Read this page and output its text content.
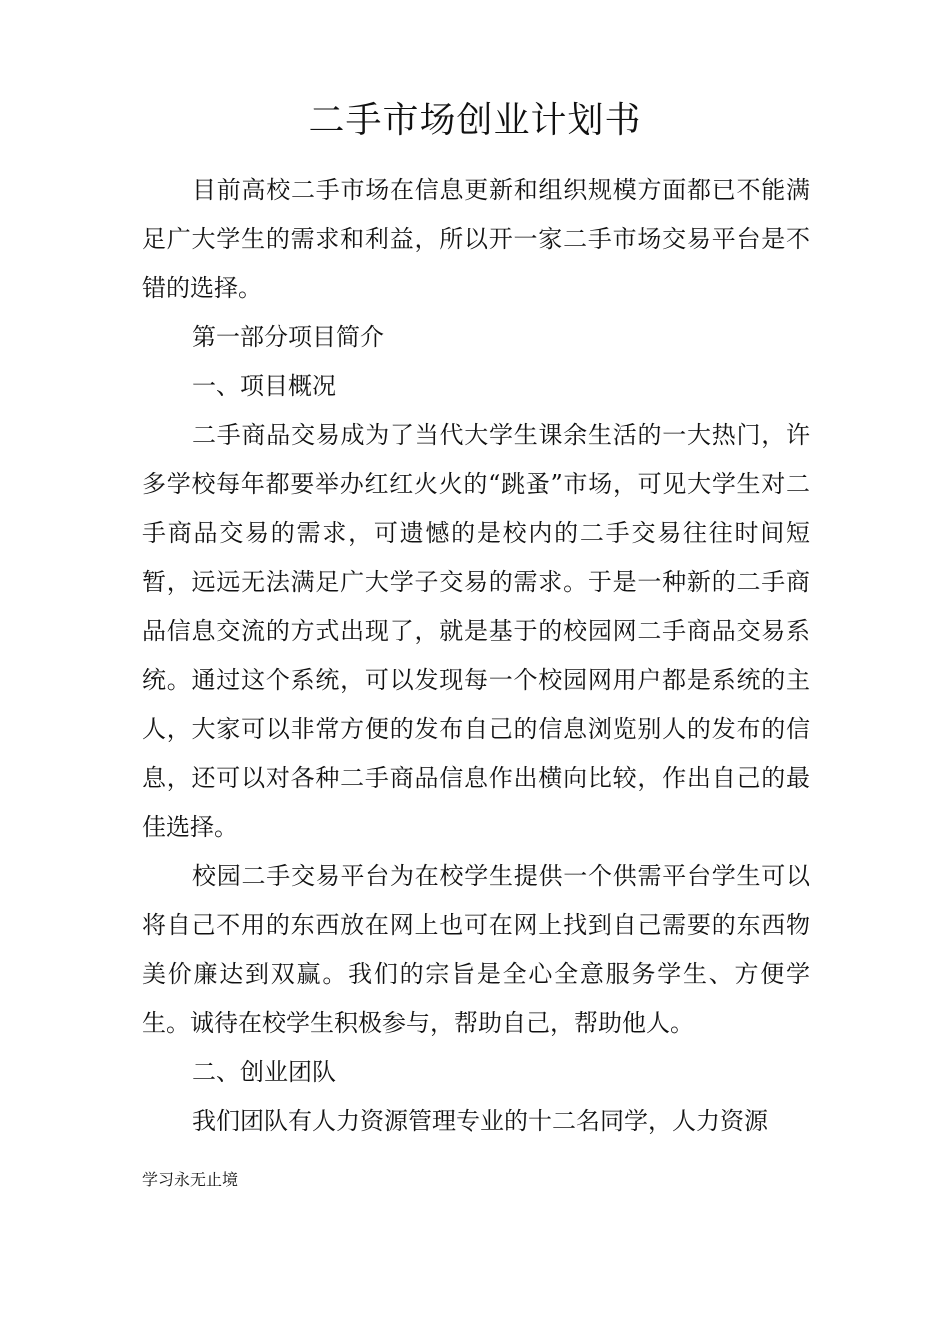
二手市场创业计划书

目前高校二手市场在信息更新和组织规模方面都已不能满足广大学生的需求和利益，所以开一家二手市场交易平台是不错的选择。

第一部分项目简介

一、项目概况

二手商品交易成为了当代大学生课余生活的一大热门，许多学校每年都要举办红红火火的“跳蚤”市场，可见大学生对二手商品交易的需求，可遗憾的是校内的二手交易往往时间短暂，远远无法满足广大学子交易的需求。于是一种新的二手商品信息交流的方式出现了，就是基于的校园网二手商品交易系统。通过这个系统，可以发现每一个校园网用户都是系统的主人，大家可以非常方便的发布自己的信息浏览别人的发布的信息，还可以对各种二手商品信息作出横向比较，作出自己的最佳选择。

校园二手交易平台为在校学生提供一个供需平台学生可以将自己不用的东西放在网上也可在网上找到自己需要的东西物美价廉达到双赢。我们的宗旨是全心全意服务学生、方便学生。诚待在校学生积极参与，帮助自己，帮助他人。

二、创业团队

我们团队有人力资源管理专业的十二名同学，人力资源

学习永无止境
